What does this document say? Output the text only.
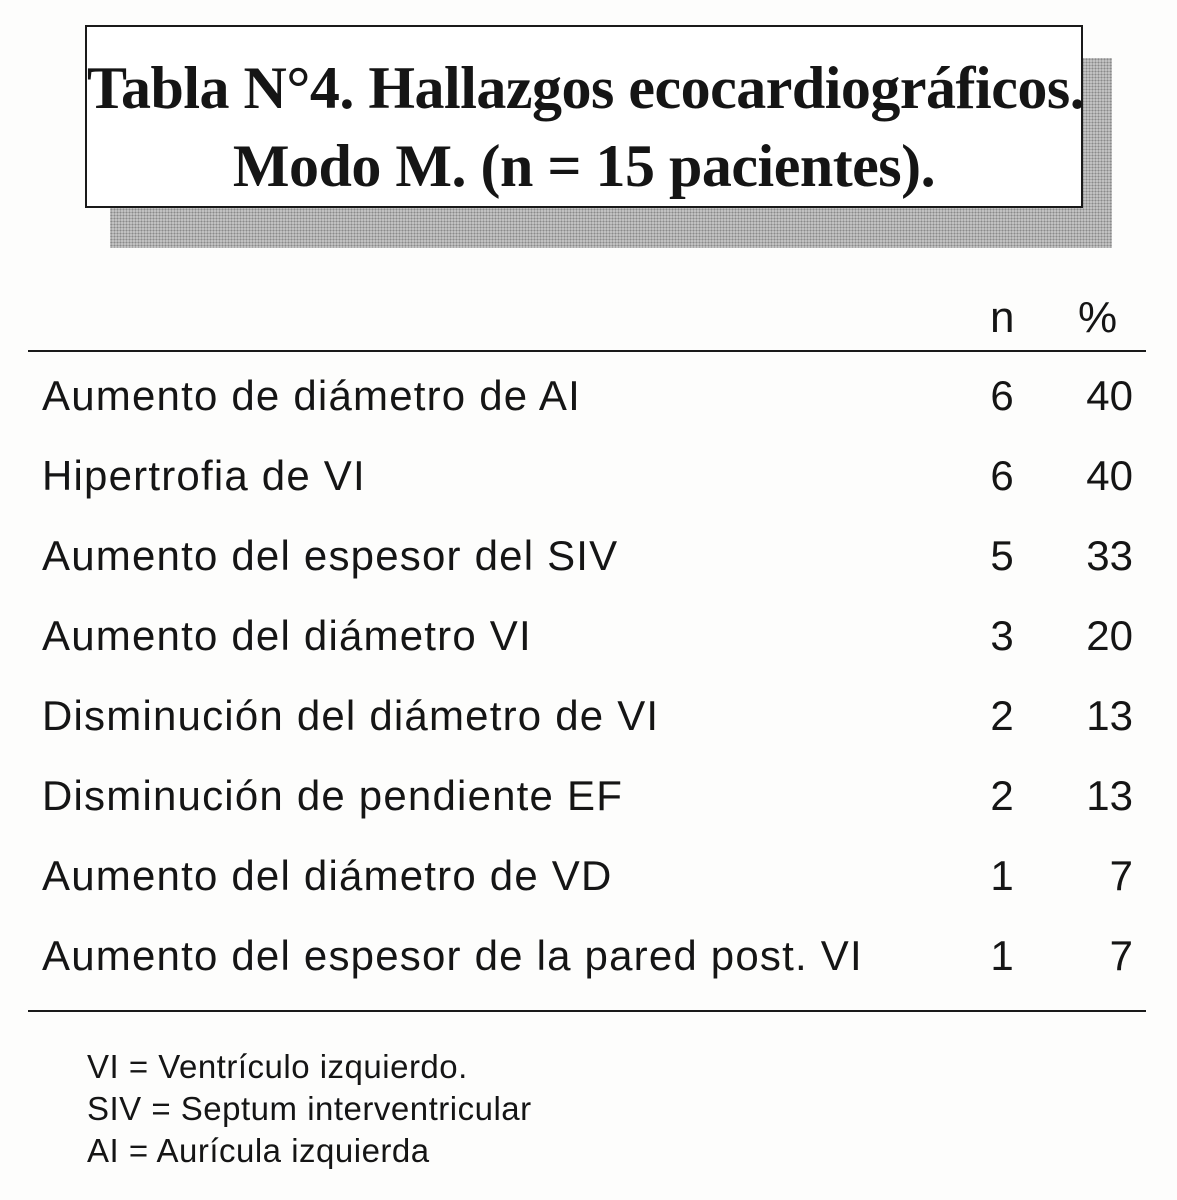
Tabla N°4. Hallazgos ecocardiográficos.
Modo M. (n = 15 pacientes).
n %
Aumento de diámetro de AI	6	40
Hipertrofia de VI	6	40
Aumento del espesor del SIV	5	33
Aumento del diámetro VI	3	20
Disminución del diámetro de VI	2	13
Disminución de pendiente EF	2	13
Aumento del diámetro de VD	1	7
Aumento del espesor de la pared post. VI	1	7
VI = Ventrículo izquierdo.
SIV = Septum interventricular
AI = Aurícula izquierda
